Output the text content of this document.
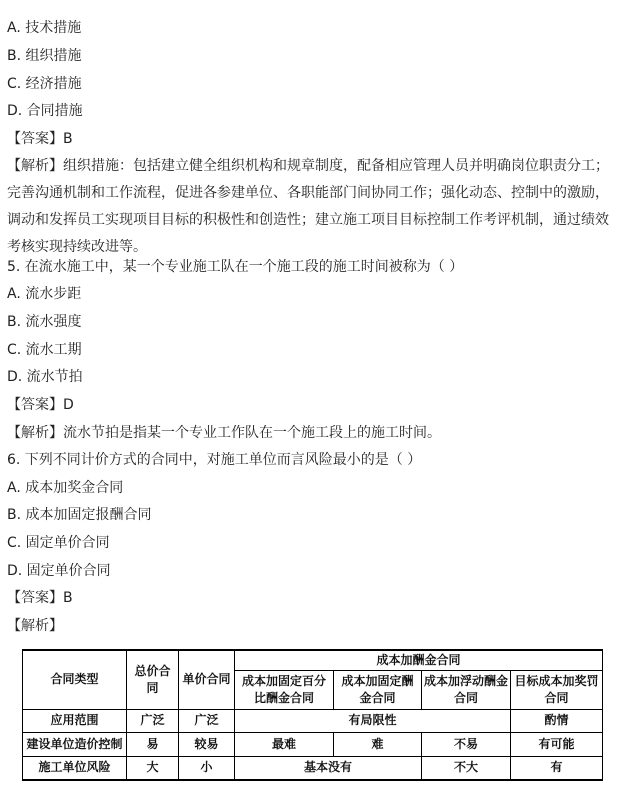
A. 技术措施
B. 组织措施
C. 经济措施
D. 合同措施
【答案】B
【解析】组织措施：包括建立健全组织机构和规章制度，配备相应管理人员并明确岗位职责分工；完善沟通机制和工作流程，促进各参建单位、各职能部门间协同工作；强化动态、控制中的激励，调动和发挥员工实现项目目标的积极性和创造性；建立施工项目目标控制工作考评机制，通过绩效考核实现持续改进等。
5. 在流水施工中，某一个专业施工队在一个施工段的施工时间被称为（ ）
A. 流水步距
B. 流水强度
C. 流水工期
D. 流水节拍
【答案】D
【解析】流水节拍是指某一个专业工作队在一个施工段上的施工时间。
6. 下列不同计价方式的合同中，对施工单位而言风险最小的是（ ）
A. 成本加奖金合同
B. 成本加固定报酬合同
C. 固定单价合同
D. 固定单价合同
【答案】B
【解析】
合同类型	总价合同	单价合同	成本加酬金合同			
			成本加固定百分比酬金合同	成本加固定酬金合同	成本加浮动酬金合同	目标成本加奖罚合同
应用范围	广泛	广泛	有局限性			酌情
建设单位造价控制	易	较易	最难	难	不易	有可能
施工单位风险	大	小	基本没有		不大	有
